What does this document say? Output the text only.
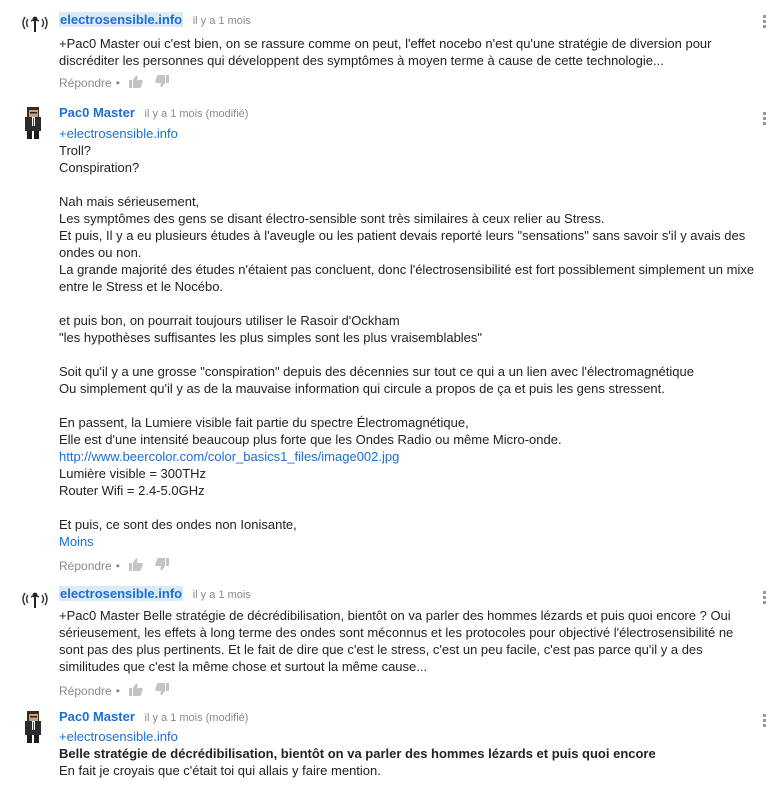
electrosensible.info il y a 1 mois
+Pac0 Master oui c'est bien, on se rassure comme on peut, l'effet nocebo n'est qu'une stratégie de diversion pour
discréditer les personnes qui développent des symptômes à moyen terme à cause de cette technologie...
Répondre •
Pac0 Master il y a 1 mois (modifié)
+electrosensible.info
Troll?
Conspiration?
Nah mais sérieusement,
Les symptômes des gens se disant électro-sensible sont très similaires à ceux relier au Stress.
Et puis, Il y a eu plusieurs études à l'aveugle ou les patient devais reporté leurs "sensations" sans savoir s'il y avais des
ondes ou non.
La grande majorité des études n'étaient pas concluent, donc l'électrosensibilité est fort possiblement simplement un mixe
entre le Stress et le Nocébo.
et puis bon, on pourrait toujours utiliser le Rasoir d'Ockham
"les hypothèses suffisantes les plus simples sont les plus vraisemblables"
Soit qu'il y a une grosse "conspiration" depuis des décennies sur tout ce qui a un lien avec l'électromagnétique
Ou simplement qu'il y as de la mauvaise information qui circule a propos de ça et puis les gens stressent.
En passent, la Lumiere visible fait partie du spectre Électromagnétique,
Elle est d'une intensité beaucoup plus forte que les Ondes Radio ou même Micro-onde.
http://www.beercolor.com/color_basics1_files/image002.jpg
Lumière visible = 300THz
Router Wifi = 2.4-5.0GHz
Et puis, ce sont des ondes non Ionisante,
Moins
Répondre •
electrosensible.info il y a 1 mois
+Pac0 Master Belle stratégie de décrédibilisation, bientôt on va parler des hommes lézards et puis quoi encore ? Oui
sérieusement, les effets à long terme des ondes sont méconnus et les protocoles pour objectivé l'électrosensibilité ne
sont pas des plus pertinents. Et le fait de dire que c'est le stress, c'est un peu facile, c'est pas parce qu'il y a des
similitudes que c'est la même chose et surtout la même cause...
Répondre •
Pac0 Master il y a 1 mois (modifié)
+electrosensible.info
Belle stratégie de décrédibilisation, bientôt on va parler des hommes lézards et puis quoi encore
En fait je croyais que c'était toi qui allais y faire mention.
